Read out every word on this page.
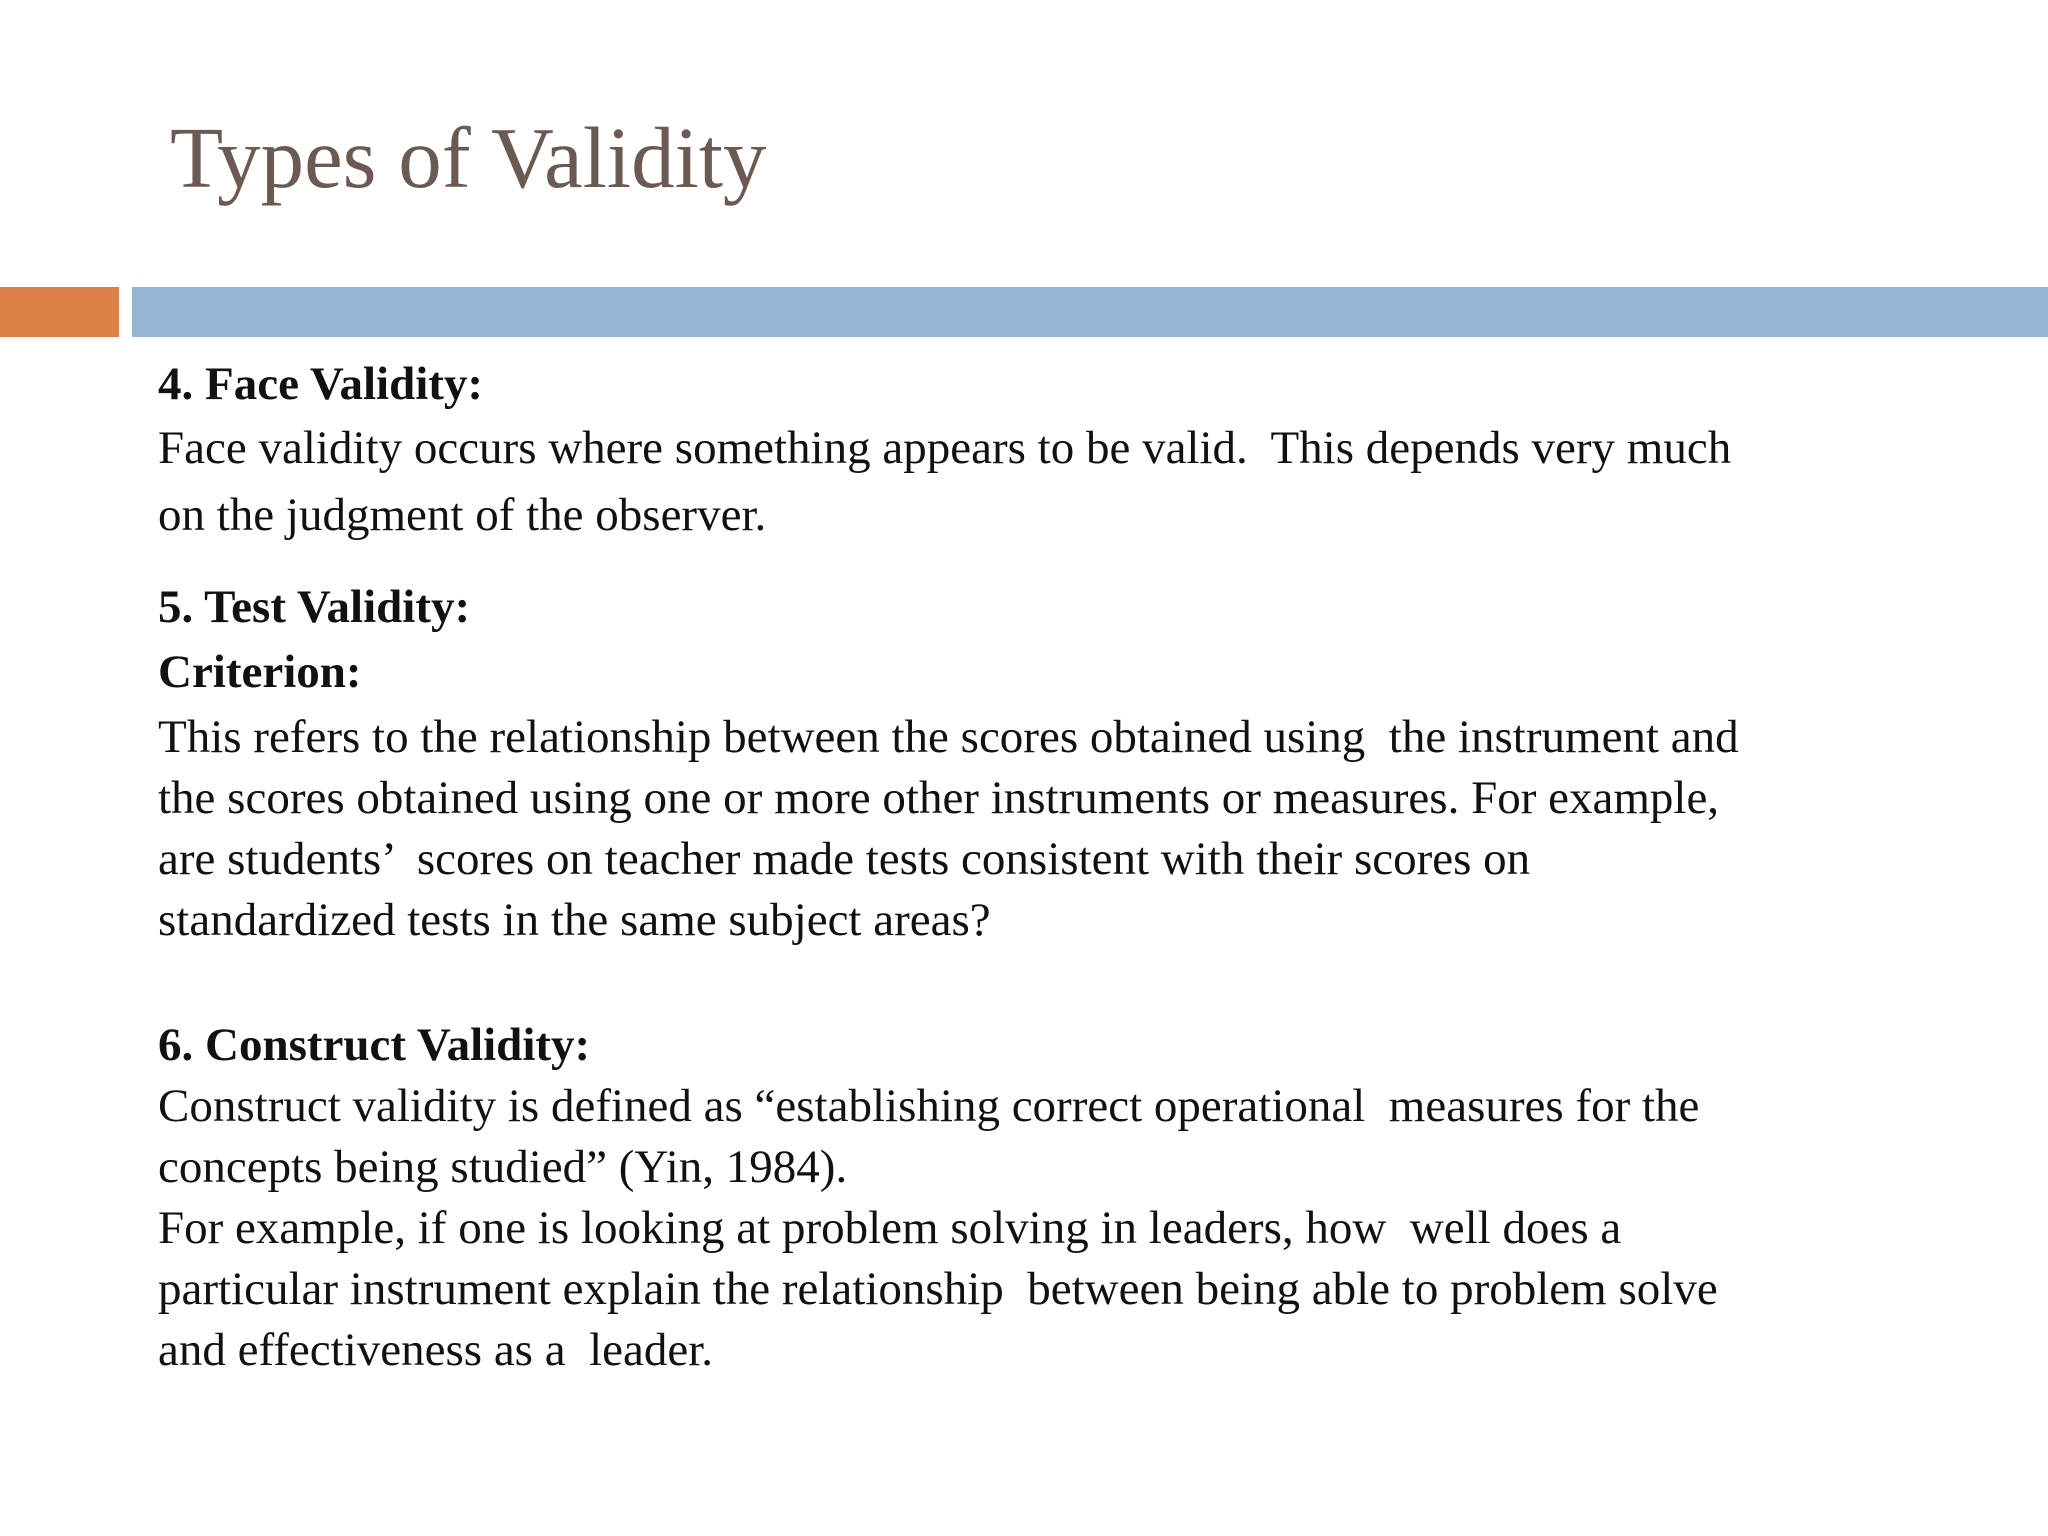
Types of Validity

4. Face Validity:

Face validity occurs where something appears to be valid.  This depends very much

on the judgment of the observer.

5. Test Validity:

Criterion:

This refers to the relationship between the scores obtained using  the instrument and

the scores obtained using one or more other instruments or measures. For example,

are students’  scores on teacher made tests consistent with their scores on

standardized tests in the same subject areas?

6. Construct Validity:

Construct validity is defined as “establishing correct operational  measures for the

concepts being studied” (Yin, 1984).

For example, if one is looking at problem solving in leaders, how  well does a

particular instrument explain the relationship  between being able to problem solve

and effectiveness as a  leader.
